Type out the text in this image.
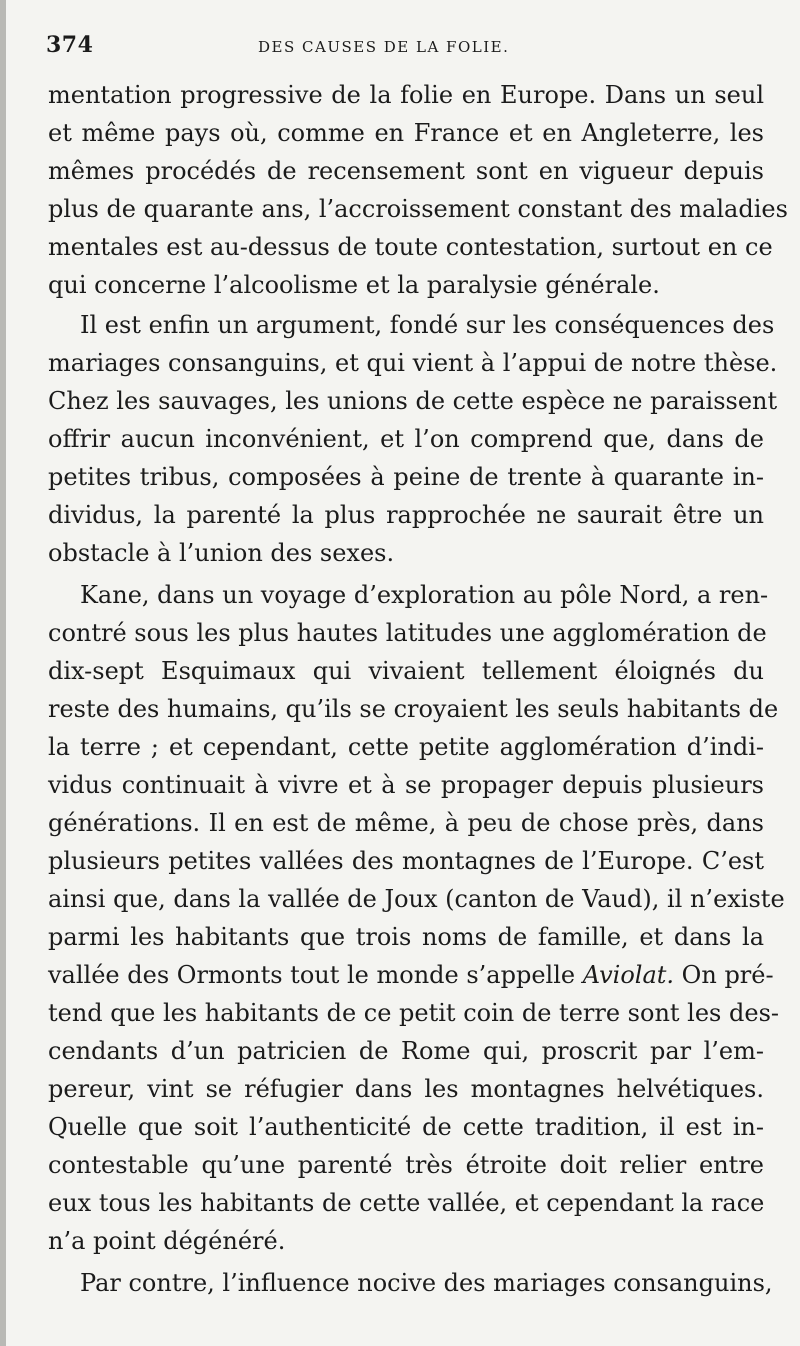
374	DES CAUSES DE LA FOLIE.
mentation progressive de la folie en Europe. Dans un seul
et même pays où, comme en France et en Angleterre, les
mêmes procédés de recensement sont en vigueur depuis
plus de quarante ans, l’accroissement constant des maladies
mentales est au-dessus de toute contestation, surtout en ce
qui concerne l’alcoolisme et la paralysie générale.
Il est enfin un argument, fondé sur les conséquences des
mariages consanguins, et qui vient à l’appui de notre thèse.
Chez les sauvages, les unions de cette espèce ne paraissent
offrir aucun inconvénient, et l’on comprend que, dans de
petites tribus, composées à peine de trente à quarante in-
dividus, la parenté la plus rapprochée ne saurait être un
obstacle à l’union des sexes.
Kane, dans un voyage d’exploration au pôle Nord, a ren-
contré sous les plus hautes latitudes une agglomération de
dix-sept Esquimaux qui vivaient tellement éloignés du
reste des humains, qu’ils se croyaient les seuls habitants de
la terre ; et cependant, cette petite agglomération d’indi-
vidus continuait à vivre et à se propager depuis plusieurs
générations. Il en est de même, à peu de chose près, dans
plusieurs petites vallées des montagnes de l’Europe. C’est
ainsi que, dans la vallée de Joux (canton de Vaud), il n’existe
parmi les habitants que trois noms de famille, et dans la
vallée des Ormonts tout le monde s’appelle Aviolat. On pré-
tend que les habitants de ce petit coin de terre sont les des-
cendants d’un patricien de Rome qui, proscrit par l’em-
pereur, vint se réfugier dans les montagnes helvétiques.
Quelle que soit l’authenticité de cette tradition, il est in-
contestable qu’une parenté très étroite doit relier entre
eux tous les habitants de cette vallée, et cependant la race
n’a point dégénéré.
Par contre, l’influence nocive des mariages consanguins,
